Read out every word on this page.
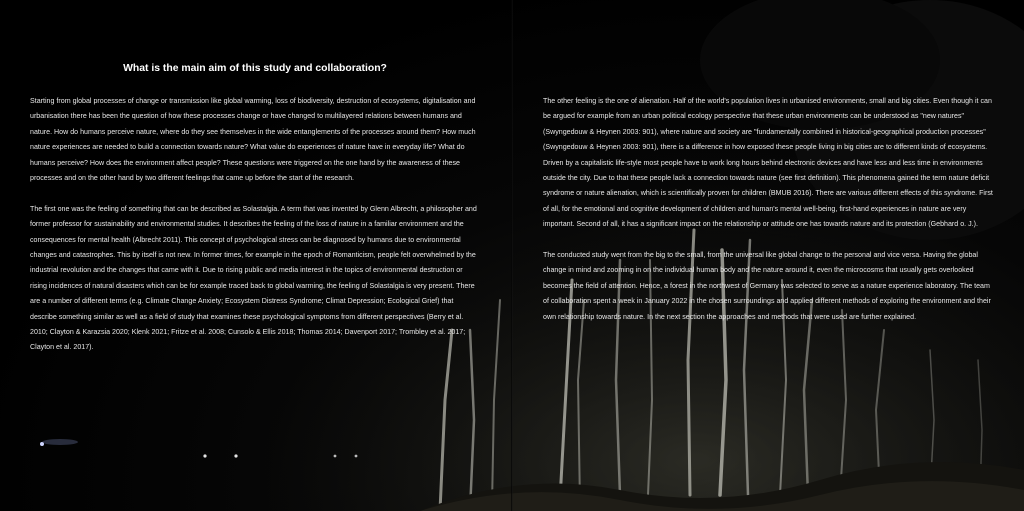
What is the main aim of this study and collaboration?

Starting from global processes of change or transmission like global warming, loss of biodiversity, destruction of ecosystems, digitalisation and urbanisation there has been the question of how these processes change or have changed to multilayered relations between humans and nature. How do humans perceive nature, where do they see themselves in the wide entanglements of the processes around them? How much nature experiences are needed to build a connection towards nature? What value do experiences of nature have in everyday life? What do humans perceive? How does the environment affect people? These questions were triggered on the one hand by the awareness of these processes and on the other hand by two different feelings that came up before the start of the research.

The first one was the feeling of something that can be described as Solastalgia. A term that was invented by Glenn Albrecht, a philosopher and former professor for sustainability and environmental studies. It describes the feeling of the loss of nature in a familiar environment and the consequences for mental health (Albrecht 2011). This concept of psychological stress can be diagnosed by humans due to environmental changes and catastrophes. This by itself is not new. In former times, for example in the epoch of Romanticism, people felt overwhelmed by the industrial revolution and the changes that came with it. Due to rising public and media interest in the topics of environmental destruction or rising incidences of natural disasters which can be for example traced back to global warming, the feeling of Solastalgia is very present. There are a number of different terms (e.g. Climate Change Anxiety; Ecosystem Distress Syndrome; Climat Depression; Ecological Grief) that describe something similar as well as a field of study that examines these psychological symptoms from different perspectives (Berry et al. 2010; Clayton & Karazsia 2020; Klenk 2021; Fritze et al. 2008; Cunsolo & Ellis 2018; Thomas 2014; Davenport 2017; Trombley et al. 2017; Clayton et al. 2017).

The other feeling is the one of alienation. Half of the world's population lives in urbanised environments, small and big cities. Even though it can be argued for example from an urban political ecology perspective that these urban environments can be understood as "new natures" (Swyngedouw & Heynen 2003: 901), where nature and society are "fundamentally combined in historical-geographical production processes" (Swyngedouw & Heynen 2003: 901), there is a difference in how exposed these people living in big cities are to different kinds of ecosystems. Driven by a capitalistic life-style most people have to work long hours behind electronic devices and have less and less time in environments outside the city. Due to that these people lack a connection towards nature (see first definition). This phenomena gained the term nature deficit syndrome or nature alienation, which is scientifically proven for children (BMUB 2016). There are various different effects of this syndrome. First of all, for the emotional and cognitive development of children and human's mental well-being, first-hand experiences in nature are very important. Second of all, it has a significant impact on the relationship or attitude one has towards nature and its protection (Gebhard o. J.).

The conducted study went from the big to the small, from the universal like global change to the personal and vice versa. Having the global change in mind and zooming in on the individual human body and the nature around it, even the microcosms that usually gets overlooked becomes the field of attention. Hence, a forest in the northwest of Germany was selected to serve as a nature experience laboratory. The team of collaboration spent a week in January 2022 in the chosen surroundings and applied different methods of exploring the environment and their own relationship towards nature. In the next section the approaches and methods that were used are further explained.
